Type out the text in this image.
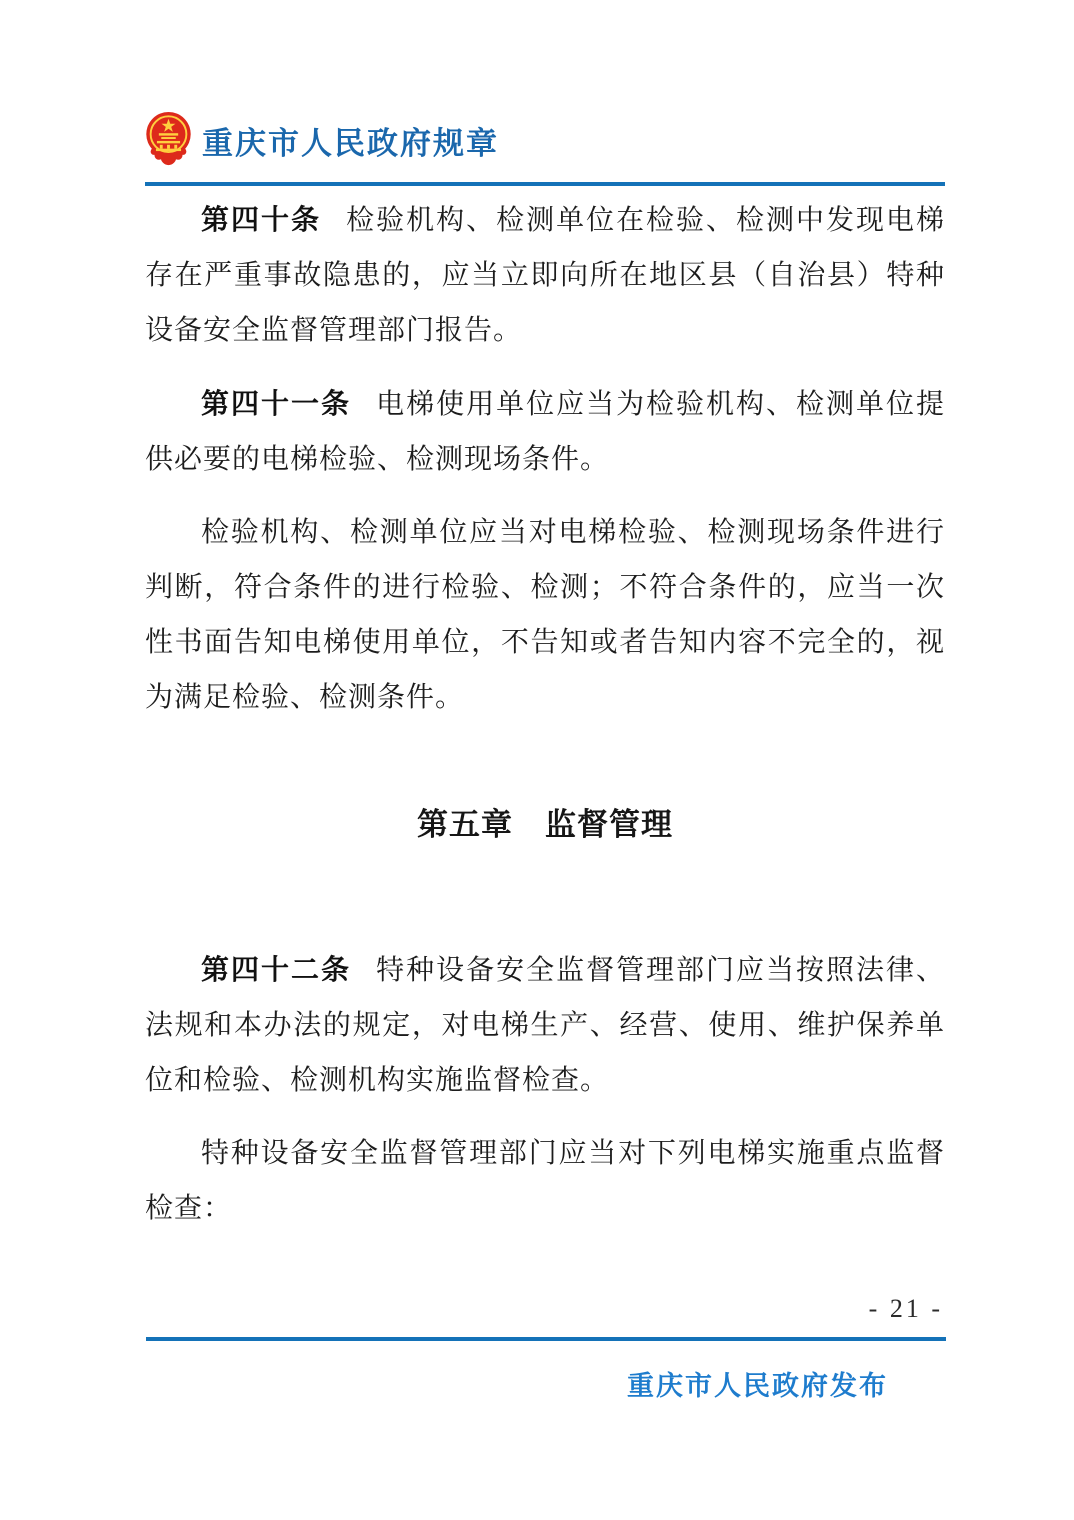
重庆市人民政府规章

第四十条 检验机构、检测单位在检验、检测中发现电梯存在严重事故隐患的，应当立即向所在地区县（自治县）特种设备安全监督管理部门报告。

第四十一条 电梯使用单位应当为检验机构、检测单位提供必要的电梯检验、检测现场条件。

检验机构、检测单位应当对电梯检验、检测现场条件进行判断，符合条件的进行检验、检测；不符合条件的，应当一次性书面告知电梯使用单位，不告知或者告知内容不完全的，视为满足检验、检测条件。

第五章　监督管理

第四十二条 特种设备安全监督管理部门应当按照法律、法规和本办法的规定，对电梯生产、经营、使用、维护保养单位和检验、检测机构实施监督检查。

特种设备安全监督管理部门应当对下列电梯实施重点监督检查：

- 21 -
重庆市人民政府发布
